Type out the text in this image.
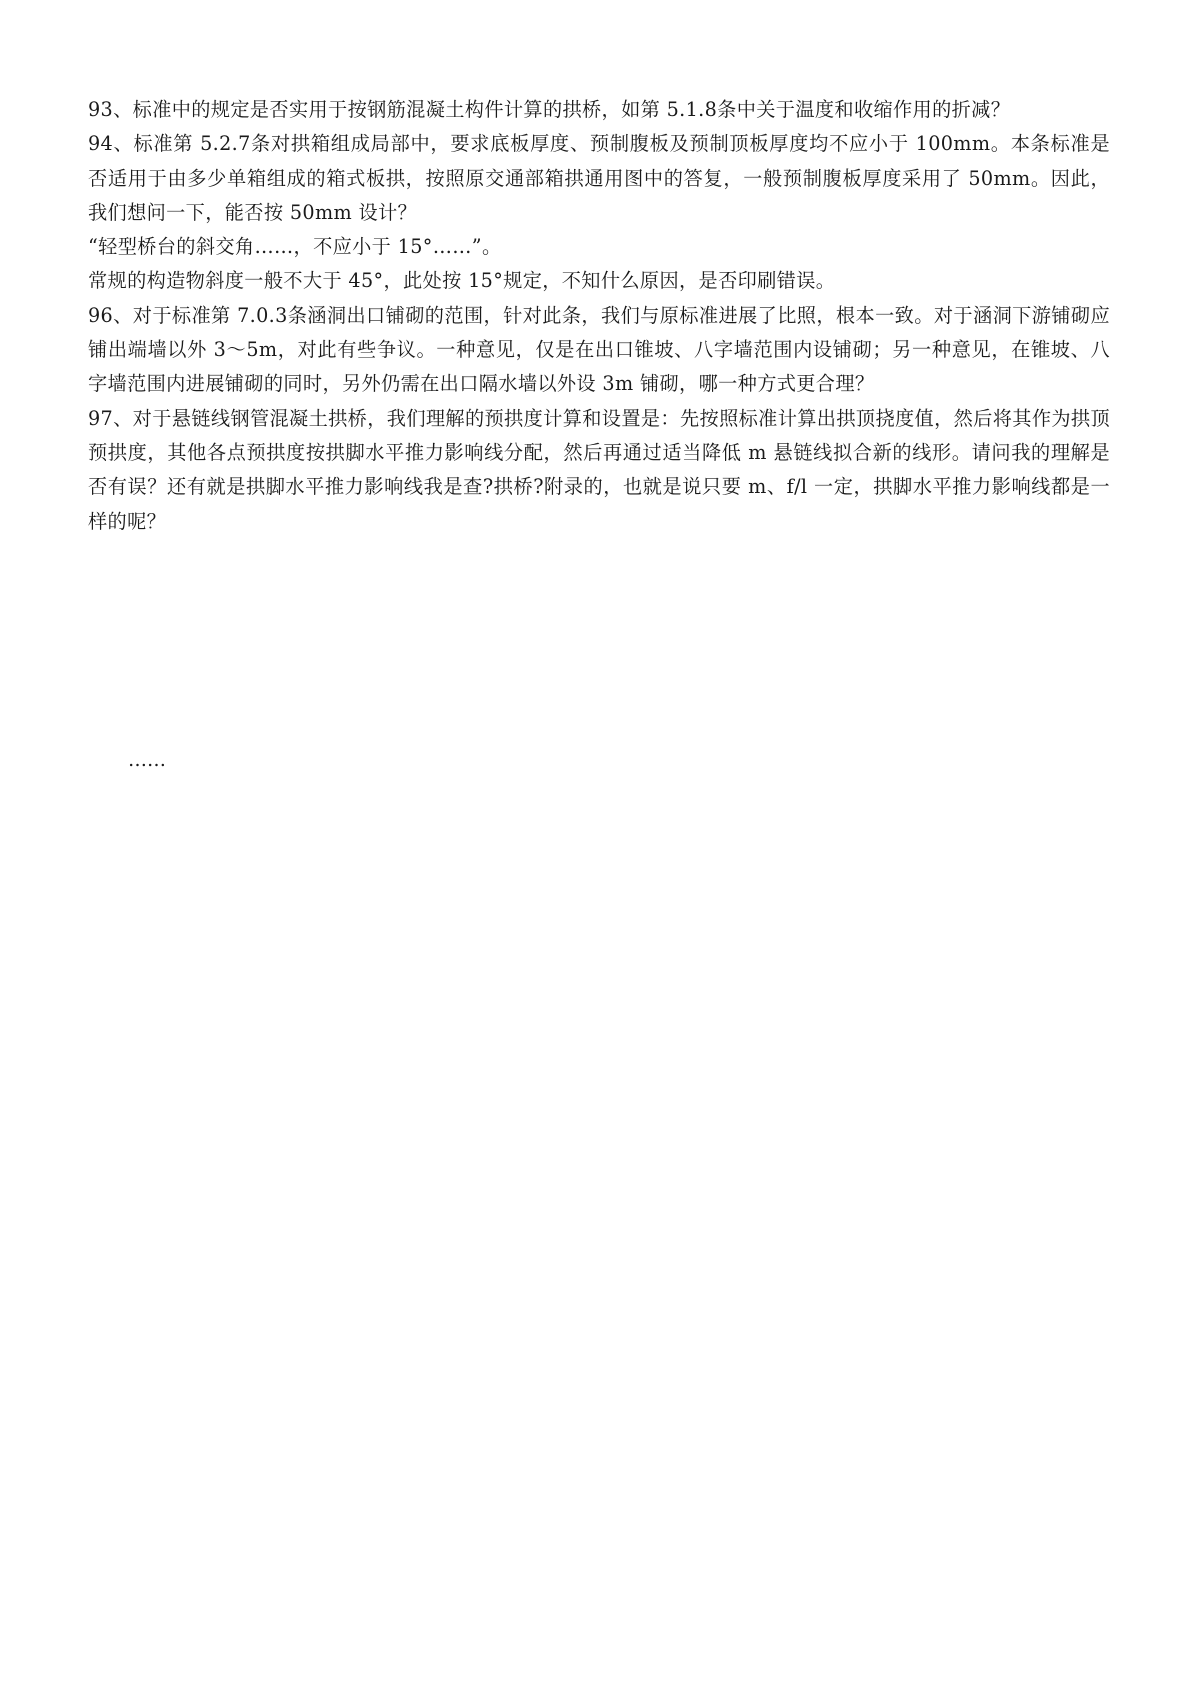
93、标准中的规定是否实用于按钢筋混凝土构件计算的拱桥，如第 5.1.8条中关于温度和收缩作用的折减？

94、标准第 5.2.7条对拱箱组成局部中，要求底板厚度、预制腹板及预制顶板厚度均不应小于 100mm。本条标准是否适用于由多少单箱组成的箱式板拱，按照原交通部箱拱通用图中的答复，一般预制腹板厚度采用了 50mm。因此，我们想问一下，能否按 50mm 设计？

“轻型桥台的斜交角……，不应小于 15°……”。

常规的构造物斜度一般不大于 45°，此处按 15°规定，不知什么原因，是否印刷错误。

96、对于标准第 7.0.3条涵洞出口铺砌的范围，针对此条，我们与原标准进展了比照，根本一致。对于涵洞下游铺砌应铺出端墙以外 3～5m，对此有些争议。一种意见，仅是在出口锥坡、八字墙范围内设铺砌；另一种意见，在锥坡、八字墙范围内进展铺砌的同时，另外仍需在出口隔水墙以外设 3m 铺砌，哪一种方式更合理？

97、对于悬链线钢管混凝土拱桥，我们理解的预拱度计算和设置是：先按照标准计算出拱顶挠度值，然后将其作为拱顶预拱度，其他各点预拱度按拱脚水平推力影响线分配，然后再通过适当降低 m 悬链线拟合新的线形。请问我的理解是否有误？还有就是拱脚水平推力影响线我是查?拱桥?附录的，也就是说只要 m、f/l 一定，拱脚水平推力影响线都是一样的呢？

……
